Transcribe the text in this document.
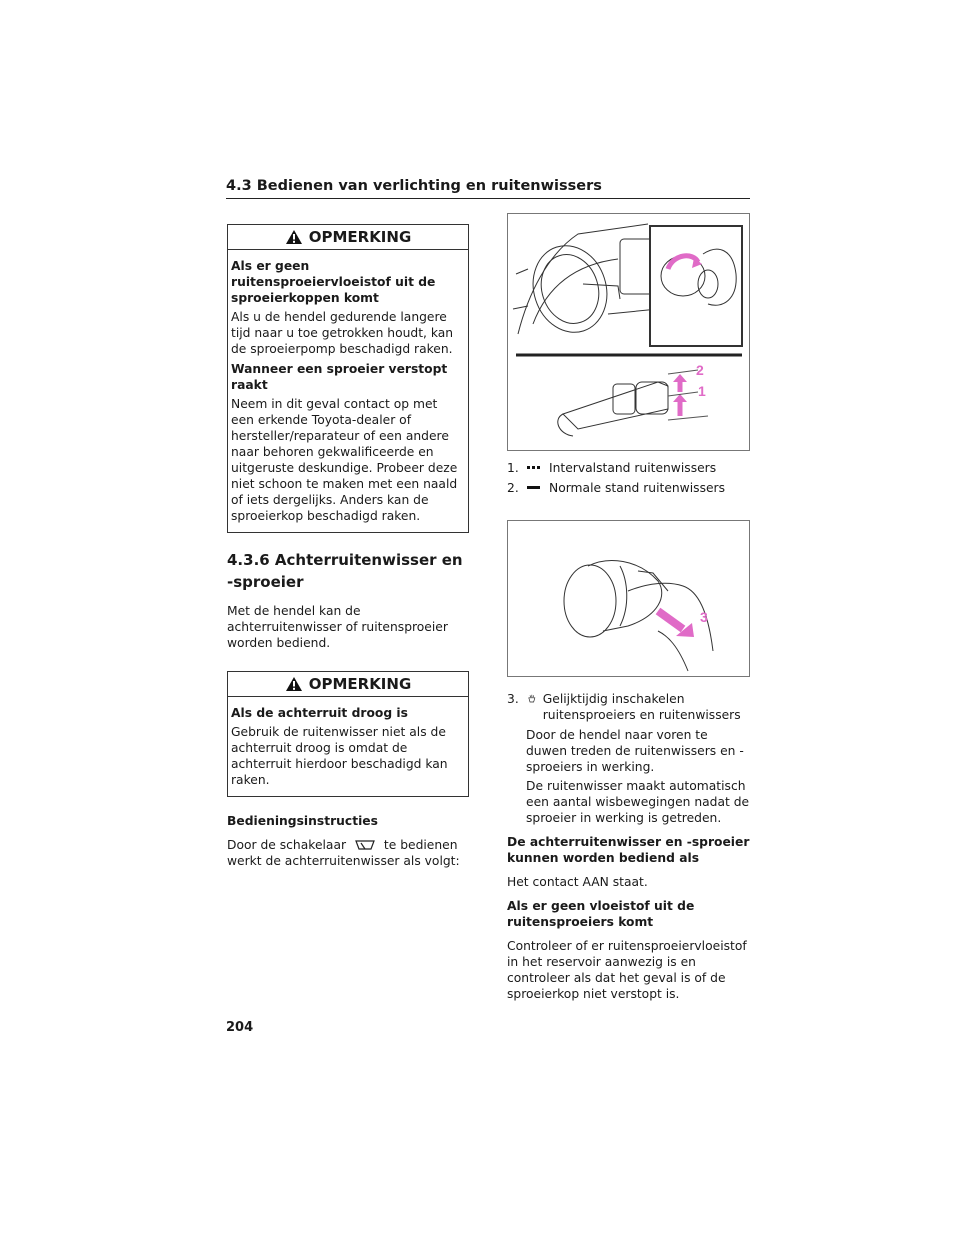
4.3 Bedienen van verlichting en ruitenwissers
OPMERKING
Als er geen ruitensproeiervloeistof uit de sproeierkoppen komt
Als u de hendel gedurende langere tijd naar u toe getrokken houdt, kan de sproeierpomp beschadigd raken.
Wanneer een sproeier verstopt raakt
Neem in dit geval contact op met een erkende Toyota-dealer of hersteller/reparateur of een andere naar behoren gekwalificeerde en uitgeruste deskundige. Probeer deze niet schoon te maken met een naald of iets dergelijks. Anders kan de sproeierkop beschadigd raken.
4.3.6 Achterruitenwisser en -sproeier

Met de hendel kan de achterruitenwisser of ruitensproeier worden bediend.

OPMERKING
Als de achterruit droog is
Gebruik de ruitenwisser niet als de achterruit droog is omdat de achterruit hierdoor beschadigd kan raken.

Bedieningsinstructies

Door de schakelaar	te bedienen werkt de achterruitenwisser als volgt:

2
1
1.	Intervalstand ruitenwissers
2.	Normale stand ruitenwissers
3
3. Gelijktijdig inschakelen ruitensproeiers en ruitenwissers

Door de hendel naar voren te duwen treden de ruitenwissers en -sproeiers in werking.

De ruitenwisser maakt automatisch een aantal wisbewegingen nadat de sproeier in werking is getreden.

De achterruitenwisser en -sproeier kunnen worden bediend als

Het contact AAN staat.

Als er geen vloeistof uit de ruitensproeiers komt

Controleer of er ruitensproeiervloeistof in het reservoir aanwezig is en controleer als dat het geval is of de sproeierkop niet verstopt is.

204
